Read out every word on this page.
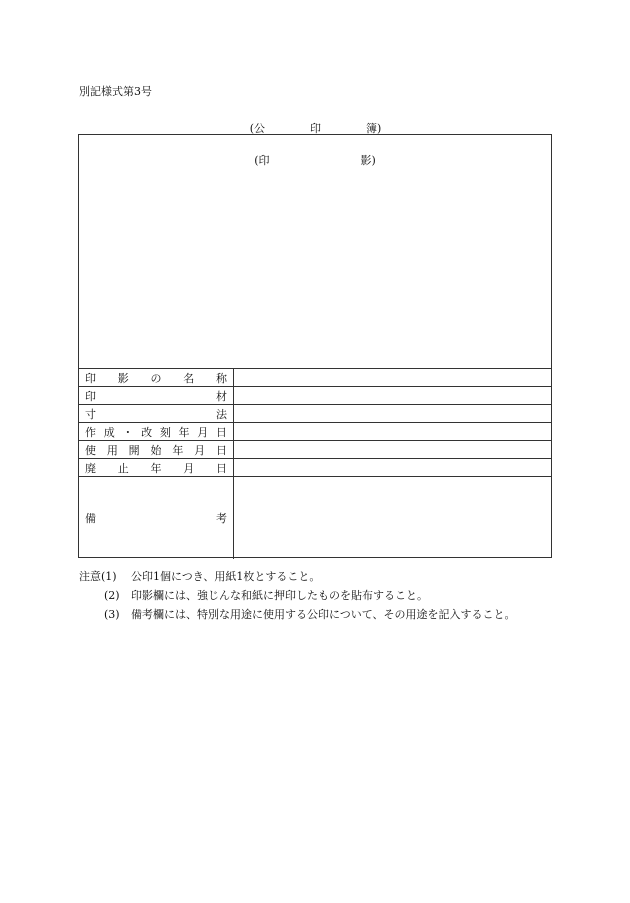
別記様式第3号
(公	印	簿)
(印	影)
印 影 の 名 称
印	材
寸	法
作 成 ・ 改 刻 年 月 日
使 用 開 始 年 月 日
廃 止 年 月 日
備	考
注意(1)	公印1個につき、用紙1枚とすること。
(2)	印影欄には、強じんな和紙に押印したものを貼布すること。
(3)	備考欄には、特別な用途に使用する公印について、その用途を記入すること。
